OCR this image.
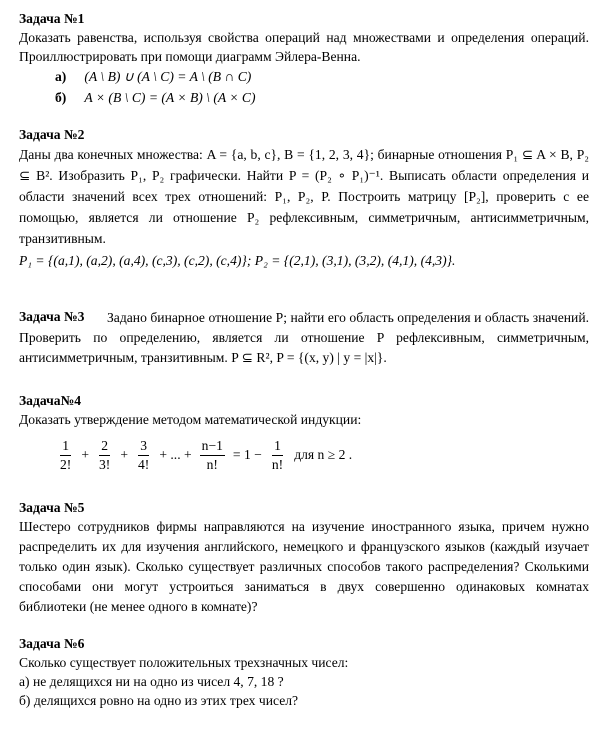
Задача №1
Доказать равенства, используя свойства операций над множествами и определения операций. Проиллюстрировать при помощи диаграмм Эйлера-Венна.
а) (A \ B) ∪ (A \ C) = A \ (B ∩ C)
б) A × (B \ C) = (A × B) \ (A × C)
Задача №2
Даны два конечных множества: A = {a, b, c}, B = {1, 2, 3, 4}; бинарные отношения P₁ ⊆ A × B, P₂ ⊆ B². Изобразить P₁, P₂ графически. Найти P = (P₂ ∘ P₁)⁻¹. Выписать области определения и области значений всех трех отношений: P₁, P₂, P. Построить матрицу [P₂], проверить с ее помощью, является ли отношение P₂ рефлексивным, симметричным, антисимметричным, транзитивным.
P₁ = {(a,1), (a,2), (a,4), (c,3), (c,2), (c,4)}; P₂ = {(2,1), (3,1), (3,2), (4,1), (4,3)}.
Задача №3	Задано бинарное отношение P; найти его область определения и область значений. Проверить по определению, является ли отношение P рефлексивным, симметричным, антисимметричным, транзитивным. P ⊆ R², P = {(x, y) | y = |x|}.
Задача№4
Доказать утверждение методом математической индукции:
$\frac{1}{2!} + \frac{2}{3!} + \frac{3}{4!}$ + ... + $\frac{n-1}{n!} = 1 - \frac{1}{n!}$ для n ≥ 2 .
Задача №5
Шестеро сотрудников фирмы направляются на изучение иностранного языка, причем нужно распределить их для изучения английского, немецкого и французского языков (каждый изучает только один язык). Сколько существует различных способов такого распределения? Сколькими способами они могут устроиться заниматься в двух совершенно одинаковых комнатах библиотеки (не менее одного в комнате)?
Задача №6
Сколько существует положительных трехзначных чисел:
а) не делящихся ни на одно из чисел 4, 7, 18 ?
б) делящихся ровно на одно из этих трех чисел?
